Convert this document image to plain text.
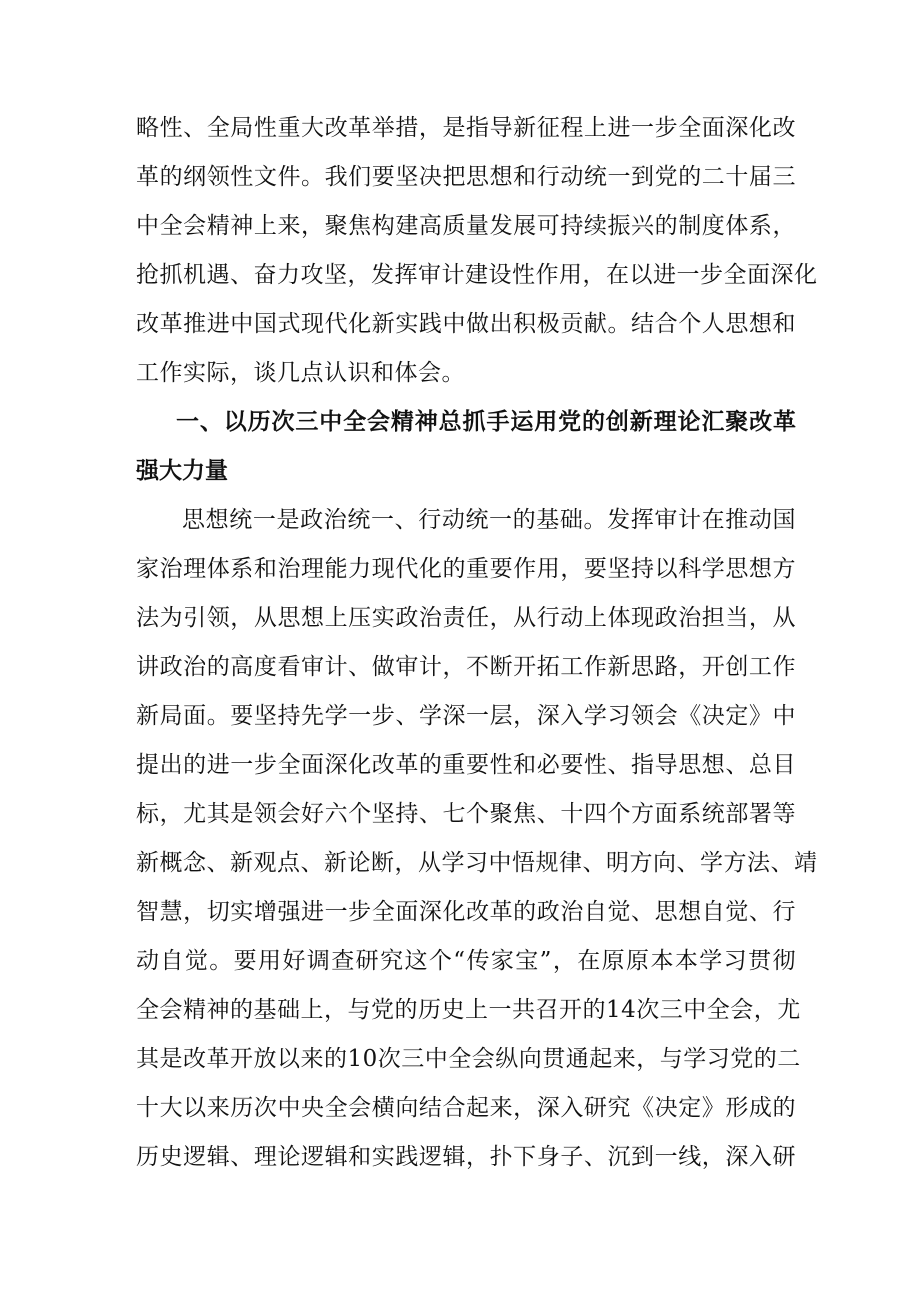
略性、全局性重大改革举措，是指导新征程上进一步全面深化改
革的纲领性文件。我们要坚决把思想和行动统一到党的二十届三
中全会精神上来，聚焦构建高质量发展可持续振兴的制度体系，
抢抓机遇、奋力攻坚，发挥审计建设性作用，在以进一步全面深化
改革推进中国式现代化新实践中做出积极贡献。结合个人思想和
工作实际，谈几点认识和体会。
一、以历次三中全会精神总抓手运用党的创新理论汇聚改革
强大力量
思想统一是政治统一、行动统一的基础。发挥审计在推动国
家治理体系和治理能力现代化的重要作用，要坚持以科学思想方
法为引领，从思想上压实政治责任，从行动上体现政治担当，从
讲政治的高度看审计、做审计，不断开拓工作新思路，开创工作
新局面。要坚持先学一步、学深一层，深入学习领会《决定》中
提出的进一步全面深化改革的重要性和必要性、指导思想、总目
标，尤其是领会好六个坚持、七个聚焦、十四个方面系统部署等
新概念、新观点、新论断，从学习中悟规律、明方向、学方法、靖
智慧，切实增强进一步全面深化改革的政治自觉、思想自觉、行
动自觉。要用好调查研究这个“传家宝”，在原原本本学习贯彻
全会精神的基础上，与党的历史上一共召开的14次三中全会，尤
其是改革开放以来的10次三中全会纵向贯通起来，与学习党的二
十大以来历次中央全会横向结合起来，深入研究《决定》形成的
历史逻辑、理论逻辑和实践逻辑，扑下身子、沉到一线，深入研
